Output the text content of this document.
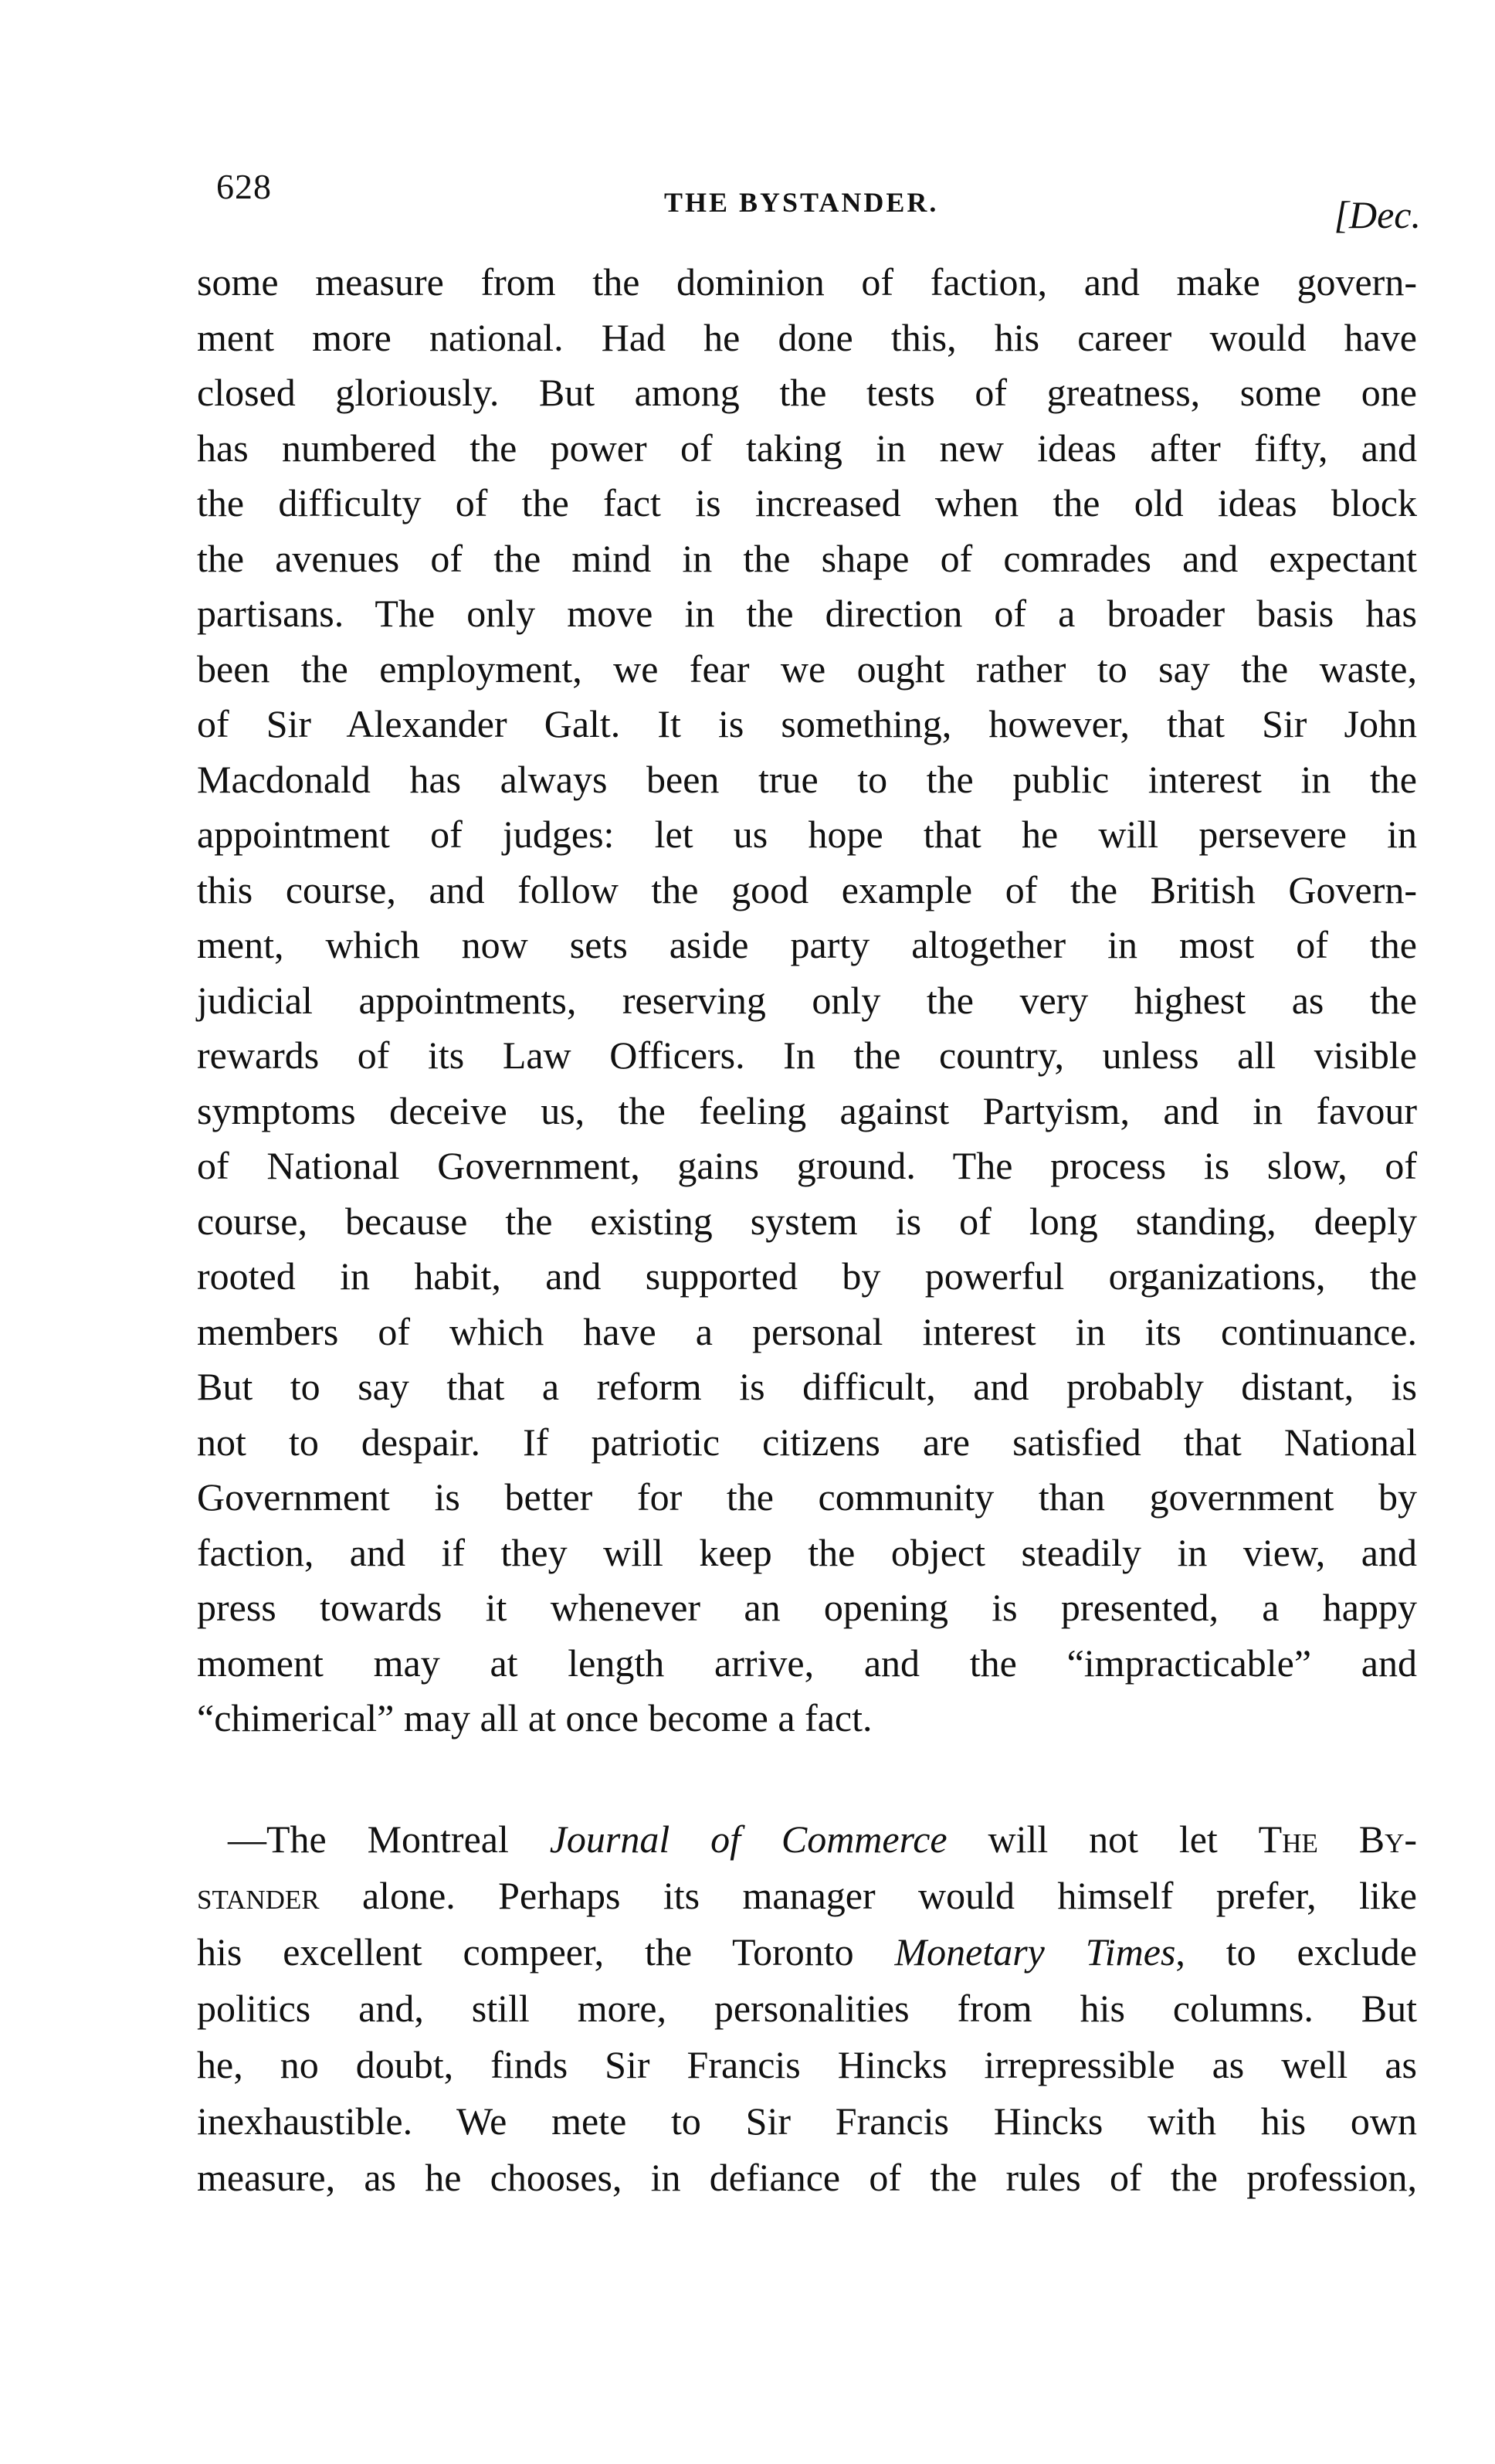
628	THE BYSTANDER.	[Dec.
some measure from the dominion of faction, and make govern-
ment more national. Had he done this, his career would have
closed gloriously. But among the tests of greatness, some one
has numbered the power of taking in new ideas after fifty, and
the difficulty of the fact is increased when the old ideas block
the avenues of the mind in the shape of comrades and expectant
partisans. The only move in the direction of a broader basis has
been the employment, we fear we ought rather to say the waste,
of Sir Alexander Galt. It is something, however, that Sir John
Macdonald has always been true to the public interest in the
appointment of judges: let us hope that he will persevere in
this course, and follow the good example of the British Govern-
ment, which now sets aside party altogether in most of the
judicial appointments, reserving only the very highest as the
rewards of its Law Officers. In the country, unless all visible
symptoms deceive us, the feeling against Partyism, and in favour
of National Government, gains ground. The process is slow, of
course, because the existing system is of long standing, deeply
rooted in habit, and supported by powerful organizations, the
members of which have a personal interest in its continuance.
But to say that a reform is difficult, and probably distant, is
not to despair. If patriotic citizens are satisfied that National
Government is better for the community than government by
faction, and if they will keep the object steadily in view, and
press towards it whenever an opening is presented, a happy
moment may at length arrive, and the “impracticable” and
“chimerical” may all at once become a fact.
—The Montreal Journal of Commerce will not let The By-
stander alone. Perhaps its manager would himself prefer, like
his excellent compeer, the Toronto Monetary Times, to exclude
politics and, still more, personalities from his columns. But
he, no doubt, finds Sir Francis Hincks irrepressible as well as
inexhaustible. We mete to Sir Francis Hincks with his own
measure, as he chooses, in defiance of the rules of the profession,
